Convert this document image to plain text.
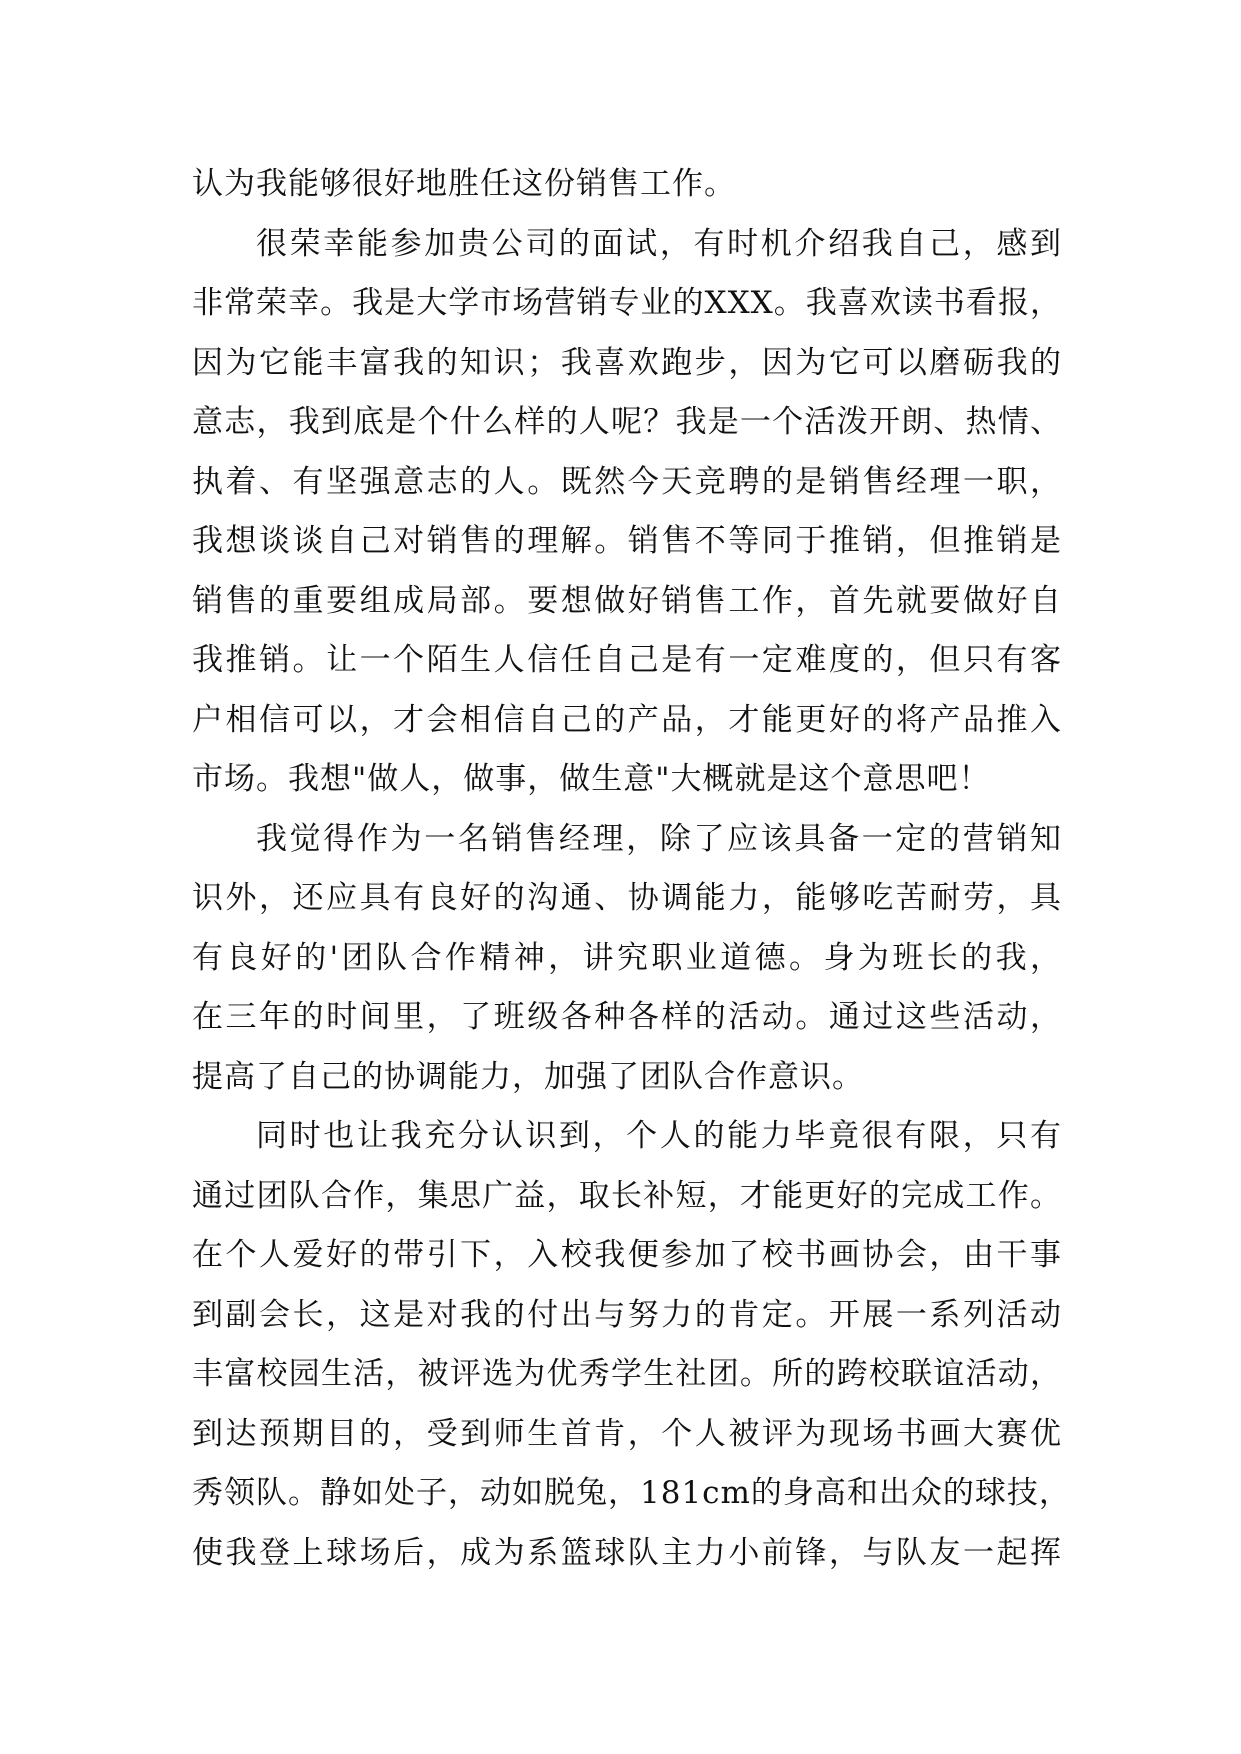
认为我能够很好地胜任这份销售工作。
很荣幸能参加贵公司的面试，有时机介绍我自己，感到
非常荣幸。我是大学市场营销专业的XXX。我喜欢读书看报，
因为它能丰富我的知识；我喜欢跑步，因为它可以磨砺我的
意志，我到底是个什么样的人呢？我是一个活泼开朗、热情、
执着、有坚强意志的人。既然今天竞聘的是销售经理一职，
我想谈谈自己对销售的理解。销售不等同于推销，但推销是
销售的重要组成局部。要想做好销售工作，首先就要做好自
我推销。让一个陌生人信任自己是有一定难度的，但只有客
户相信可以，才会相信自己的产品，才能更好的将产品推入
市场。我想"做人，做事，做生意"大概就是这个意思吧！
我觉得作为一名销售经理，除了应该具备一定的营销知
识外，还应具有良好的沟通、协调能力，能够吃苦耐劳，具
有良好的'团队合作精神，讲究职业道德。身为班长的我，
在三年的时间里，了班级各种各样的活动。通过这些活动，
提高了自己的协调能力，加强了团队合作意识。
同时也让我充分认识到，个人的能力毕竟很有限，只有
通过团队合作，集思广益，取长补短，才能更好的完成工作。
在个人爱好的带引下，入校我便参加了校书画协会，由干事
到副会长，这是对我的付出与努力的肯定。开展一系列活动
丰富校园生活，被评选为优秀学生社团。所的跨校联谊活动，
到达预期目的，受到师生首肯，个人被评为现场书画大赛优
秀领队。静如处子，动如脱兔，181cm的身高和出众的球技，
使我登上球场后，成为系篮球队主力小前锋，与队友一起挥
